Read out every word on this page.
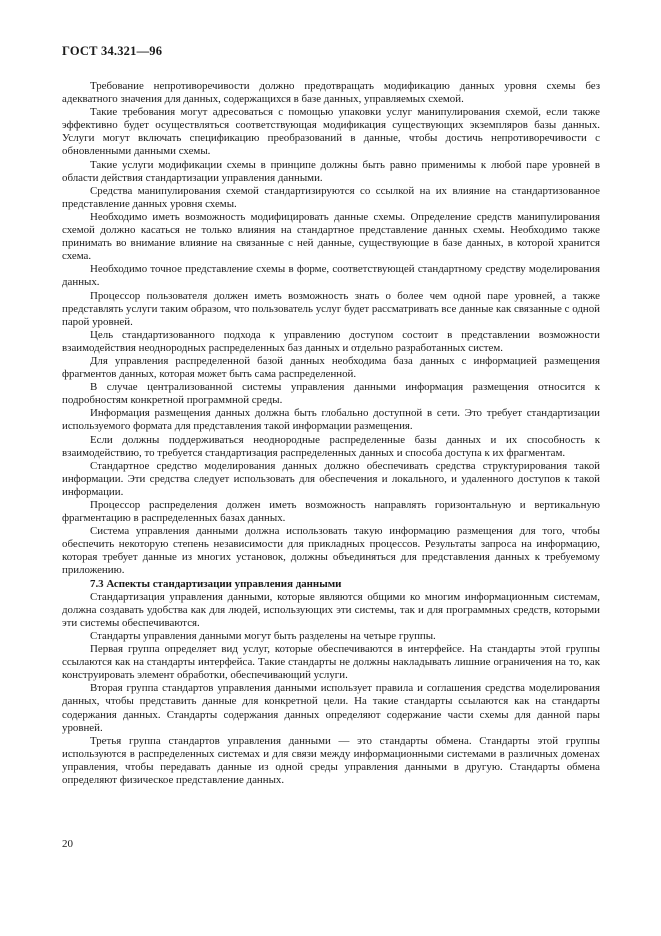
ГОСТ 34.321—96

Требование непротиворечивости должно предотвращать модификацию данных уровня схемы без адекватного значения для данных, содержащихся в базе данных, управляемых схемой.

Такие требования могут адресоваться с помощью упаковки услуг манипулирования схемой, если также эффективно будет осуществляться соответствующая модификация существующих экземпляров базы данных. Услуги могут включать спецификацию преобразований в данные, чтобы достичь непротиворечивости с обновленными данными схемы.

Такие услуги модификации схемы в принципе должны быть равно применимы к любой паре уровней в области действия стандартизации управления данными.

Средства манипулирования схемой стандартизируются со ссылкой на их влияние на стандартизованное представление данных уровня схемы.

Необходимо иметь возможность модифицировать данные схемы. Определение средств манипулирования схемой должно касаться не только влияния на стандартное представление данных схемы. Необходимо также принимать во внимание влияние на связанные с ней данные, существующие в базе данных, в которой хранится схема.

Необходимо точное представление схемы в форме, соответствующей стандартному средству моделирования данных.

Процессор пользователя должен иметь возможность знать о более чем одной паре уровней, а также представлять услуги таким образом, что пользователь услуг будет рассматривать все данные как связанные с одной парой уровней.

Цель стандартизованного подхода к управлению доступом состоит в представлении возможности взаимодействия неоднородных распределенных баз данных и отдельно разработанных систем.

Для управления распределенной базой данных необходима база данных с информацией размещения фрагментов данных, которая может быть сама распределенной.

В случае централизованной системы управления данными информация размещения относится к подробностям конкретной программной среды.

Информация размещения данных должна быть глобально доступной в сети. Это требует стандартизации используемого формата для представления такой информации размещения.

Если должны поддерживаться неоднородные распределенные базы данных и их способность к взаимодействию, то требуется стандартизация распределенных данных и способа доступа к их фрагментам.

Стандартное средство моделирования данных должно обеспечивать средства структурирования такой информации. Эти средства следует использовать для обеспечения и локального, и удаленного доступов к такой информации.

Процессор распределения должен иметь возможность направлять горизонтальную и вертикальную фрагментацию в распределенных базах данных.

Система управления данными должна использовать такую информацию размещения для того, чтобы обеспечить некоторую степень независимости для прикладных процессов. Результаты запроса на информацию, которая требует данные из многих установок, должны объединяться для представления данных к требуемому приложению.

7.3 Аспекты стандартизации управления данными

Стандартизация управления данными, которые являются общими ко многим информационным системам, должна создавать удобства как для людей, использующих эти системы, так и для программных средств, которыми эти системы обеспечиваются.

Стандарты управления данными могут быть разделены на четыре группы.

Первая группа определяет вид услуг, которые обеспечиваются в интерфейсе. На стандарты этой группы ссылаются как на стандарты интерфейса. Такие стандарты не должны накладывать лишние ограничения на то, как конструировать элемент обработки, обеспечивающий услуги.

Вторая группа стандартов управления данными использует правила и соглашения средства моделирования данных, чтобы представить данные для конкретной цели. На такие стандарты ссылаются как на стандарты содержания данных. Стандарты содержания данных определяют содержание части схемы для данной пары уровней.

Третья группа стандартов управления данными — это стандарты обмена. Стандарты этой группы используются в распределенных системах и для связи между информационными системами в различных доменах управления, чтобы передавать данные из одной среды управления данными в другую. Стандарты обмена определяют физическое представление данных.

20
